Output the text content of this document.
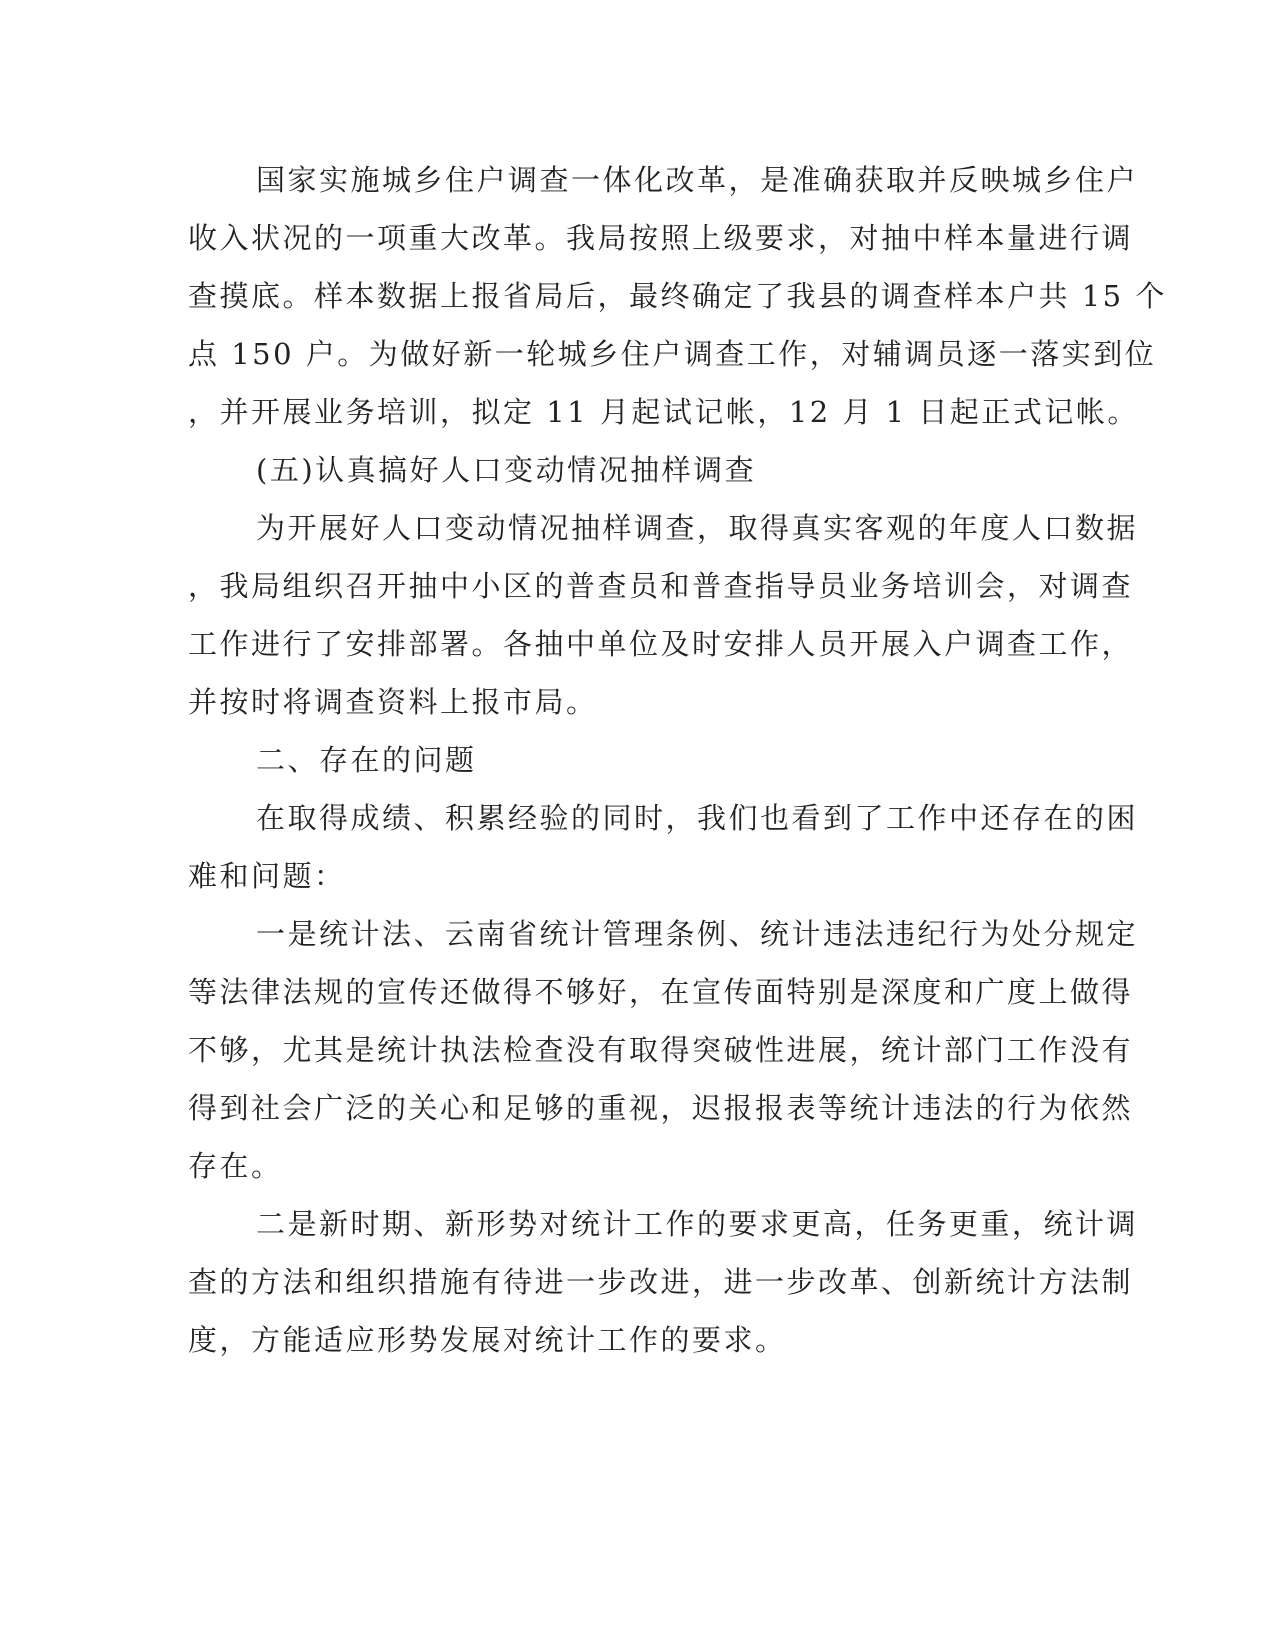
国家实施城乡住户调查一体化改革，是准确获取并反映城乡住户
收入状况的一项重大改革。我局按照上级要求，对抽中样本量进行调
查摸底。样本数据上报省局后，最终确定了我县的调查样本户共 15 个
点 150 户。为做好新一轮城乡住户调查工作，对辅调员逐一落实到位
，并开展业务培训，拟定 11 月起试记帐，12 月 1 日起正式记帐。
(五)认真搞好人口变动情况抽样调查
为开展好人口变动情况抽样调查，取得真实客观的年度人口数据
，我局组织召开抽中小区的普查员和普查指导员业务培训会，对调查
工作进行了安排部署。各抽中单位及时安排人员开展入户调查工作，
并按时将调查资料上报市局。
二、存在的问题
在取得成绩、积累经验的同时，我们也看到了工作中还存在的困
难和问题：
一是统计法、云南省统计管理条例、统计违法违纪行为处分规定
等法律法规的宣传还做得不够好，在宣传面特别是深度和广度上做得
不够，尤其是统计执法检查没有取得突破性进展，统计部门工作没有
得到社会广泛的关心和足够的重视，迟报报表等统计违法的行为依然
存在。
二是新时期、新形势对统计工作的要求更高，任务更重，统计调
查的方法和组织措施有待进一步改进，进一步改革、创新统计方法制
度，方能适应形势发展对统计工作的要求。
